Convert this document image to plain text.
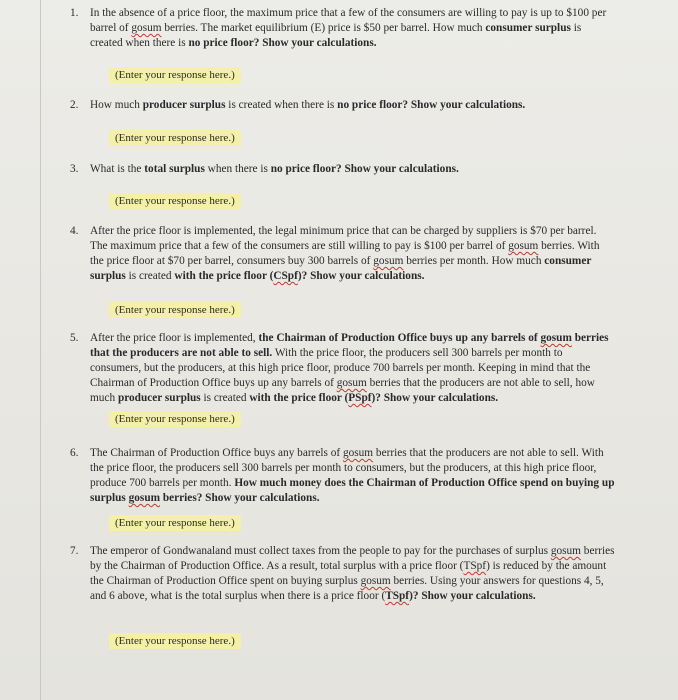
1. In the absence of a price floor, the maximum price that a few of the consumers are willing to pay is up to $100 per barrel of gosum berries. The market equilibrium (E) price is $50 per barrel. How much consumer surplus is created when there is no price floor? Show your calculations.
(Enter your response here.)
2. How much producer surplus is created when there is no price floor? Show your calculations.
(Enter your response here.)
3. What is the total surplus when there is no price floor? Show your calculations.
(Enter your response here.)
4. After the price floor is implemented, the legal minimum price that can be charged by suppliers is $70 per barrel. The maximum price that a few of the consumers are still willing to pay is $100 per barrel of gosum berries. With the price floor at $70 per barrel, consumers buy 300 barrels of gosum berries per month. How much consumer surplus is created with the price floor (CSpf)? Show your calculations.
(Enter your response here.)
5. After the price floor is implemented, the Chairman of Production Office buys up any barrels of gosum berries that the producers are not able to sell. With the price floor, the producers sell 300 barrels per month to consumers, but the producers, at this high price floor, produce 700 barrels per month. Keeping in mind that the Chairman of Production Office buys up any barrels of gosum berries that the producers are not able to sell, how much producer surplus is created with the price floor (PSpf)? Show your calculations.
(Enter your response here.)
6. The Chairman of Production Office buys any barrels of gosum berries that the producers are not able to sell. With the price floor, the producers sell 300 barrels per month to consumers, but the producers, at this high price floor, produce 700 barrels per month. How much money does the Chairman of Production Office spend on buying up surplus gosum berries? Show your calculations.
(Enter your response here.)
7. The emperor of Gondwanaland must collect taxes from the people to pay for the purchases of surplus gosum berries by the Chairman of Production Office. As a result, total surplus with a price floor (TSpf) is reduced by the amount the Chairman of Production Office spent on buying surplus gosum berries. Using your answers for questions 4, 5, and 6 above, what is the total surplus when there is a price floor (TSpf)? Show your calculations.
(Enter your response here.)
